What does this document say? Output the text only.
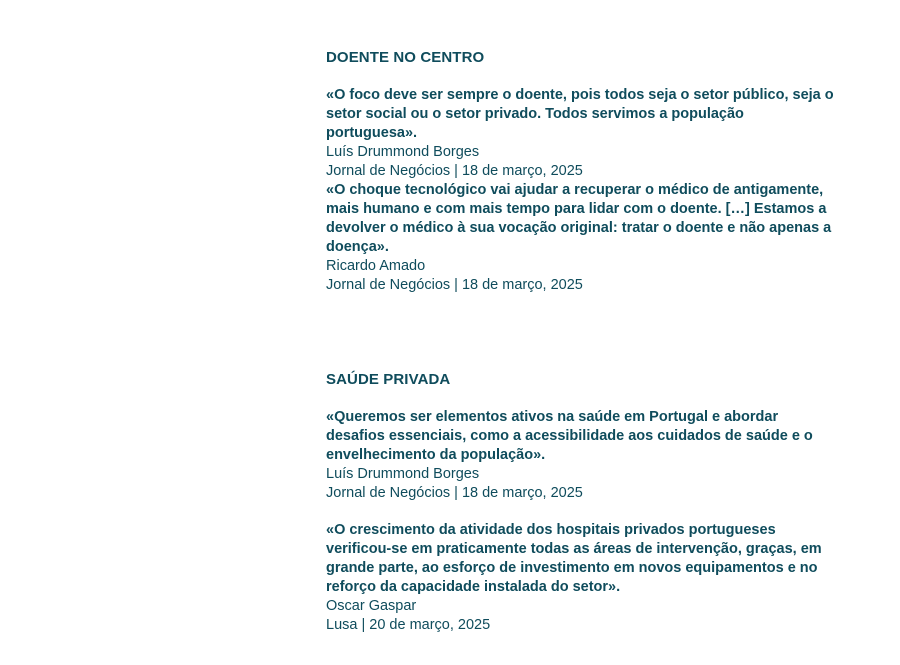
DOENTE NO CENTRO

«O foco deve ser sempre o doente, pois todos seja o setor público, seja o setor social ou o setor privado. Todos servimos a população portuguesa».

Luís Drummond Borges

Jornal de Negócios | 18 de março, 2025

«O choque tecnológico vai ajudar a recuperar o médico de antigamente, mais humano e com mais tempo para lidar com o doente. […] Estamos a devolver o médico à sua vocação original: tratar o doente e não apenas a doença».

Ricardo Amado

Jornal de Negócios | 18 de março, 2025

SAÚDE PRIVADA

«Queremos ser elementos ativos na saúde em Portugal e abordar desafios essenciais, como a acessibilidade aos cuidados de saúde e o envelhecimento da população».

Luís Drummond Borges

Jornal de Negócios | 18 de março, 2025

«O crescimento da atividade dos hospitais privados portugueses verificou-se em praticamente todas as áreas de intervenção, graças, em grande parte, ao esforço de investimento em novos equipamentos e no reforço da capacidade instalada do setor».

Oscar Gaspar

Lusa | 20 de março, 2025
